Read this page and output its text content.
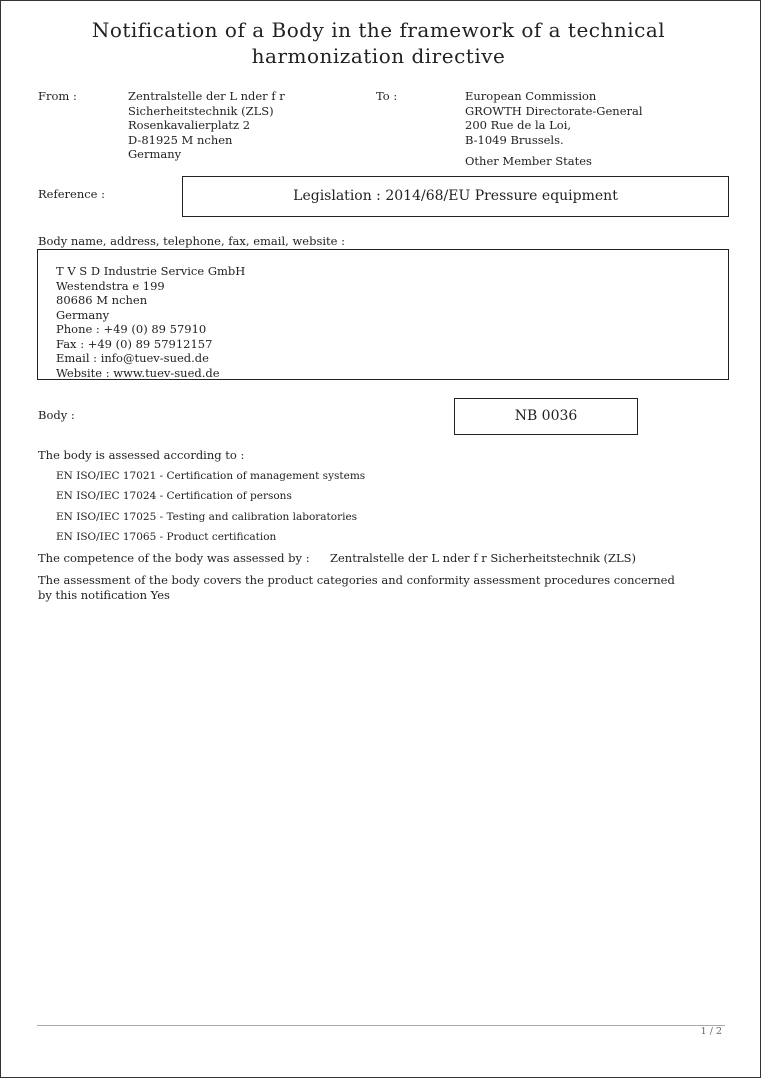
Notification of a Body in the framework of a technical
harmonization directive
From :	Zentralstelle der L nder f r
Sicherheitstechnik (ZLS)
Rosenkavalierplatz 2
D-81925 M nchen
Germany
To :	European Commission
GROWTH Directorate-General
200 Rue de la Loi,
B-1049 Brussels.
Other Member States
Reference :	Legislation : 2014/68/EU Pressure equipment
Body name, address, telephone, fax, email, website :
T V S D Industrie Service GmbH
Westendstra e 199
80686 M nchen
Germany
Phone : +49 (0) 89 57910
Fax : +49 (0) 89 57912157
Email : info@tuev-sued.de
Website : www.tuev-sued.de
Body :	NB 0036
The body is assessed according to :
EN ISO/IEC 17021 - Certification of management systems
EN ISO/IEC 17024 - Certification of persons
EN ISO/IEC 17025 - Testing and calibration laboratories
EN ISO/IEC 17065 - Product certification
The competence of the body was assessed by : Zentralstelle der L nder f r Sicherheitstechnik (ZLS)
The assessment of the body covers the product categories and conformity assessment procedures concerned
by this notification Yes
1 / 2
